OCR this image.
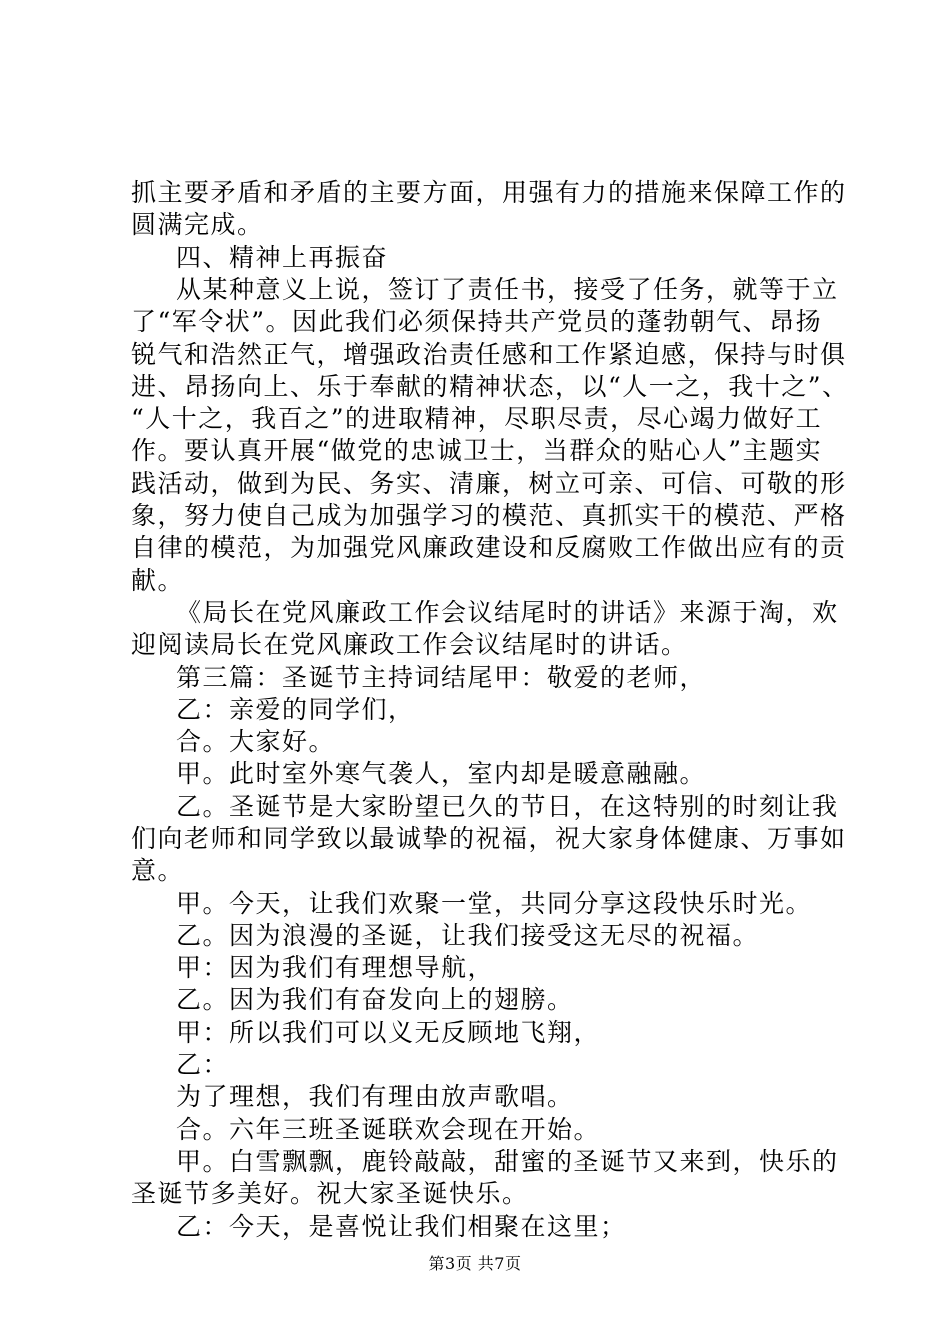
抓主要矛盾和矛盾的主要方面，用强有力的措施来保障工作的
圆满完成。
四、精神上再振奋
从某种意义上说，签订了责任书，接受了任务，就等于立
了“军令状”。因此我们必须保持共产党员的蓬勃朝气、昂扬
锐气和浩然正气，增强政治责任感和工作紧迫感，保持与时俱
进、昂扬向上、乐于奉献的精神状态，以“人一之，我十之”、
“人十之，我百之”的进取精神，尽职尽责，尽心竭力做好工
作。要认真开展“做党的忠诚卫士，当群众的贴心人”主题实
践活动，做到为民、务实、清廉，树立可亲、可信、可敬的形
象，努力使自己成为加强学习的模范、真抓实干的模范、严格
自律的模范，为加强党风廉政建设和反腐败工作做出应有的贡
献。
《局长在党风廉政工作会议结尾时的讲话》来源于淘，欢
迎阅读局长在党风廉政工作会议结尾时的讲话。
第三篇：圣诞节主持词结尾甲：敬爱的老师，
乙：亲爱的同学们，
合。大家好。
甲。此时室外寒气袭人，室内却是暖意融融。
乙。圣诞节是大家盼望已久的节日，在这特别的时刻让我
们向老师和同学致以最诚挚的祝福，祝大家身体健康、万事如
意。
甲。今天，让我们欢聚一堂，共同分享这段快乐时光。
乙。因为浪漫的圣诞，让我们接受这无尽的祝福。
甲：因为我们有理想导航，
乙。因为我们有奋发向上的翅膀。
甲：所以我们可以义无反顾地飞翔，
乙：
为了理想，我们有理由放声歌唱。
合。六年三班圣诞联欢会现在开始。
甲。白雪飘飘，鹿铃敲敲，甜蜜的圣诞节又来到，快乐的
圣诞节多美好。祝大家圣诞快乐。
乙：今天，是喜悦让我们相聚在这里；
第3页 共7页
